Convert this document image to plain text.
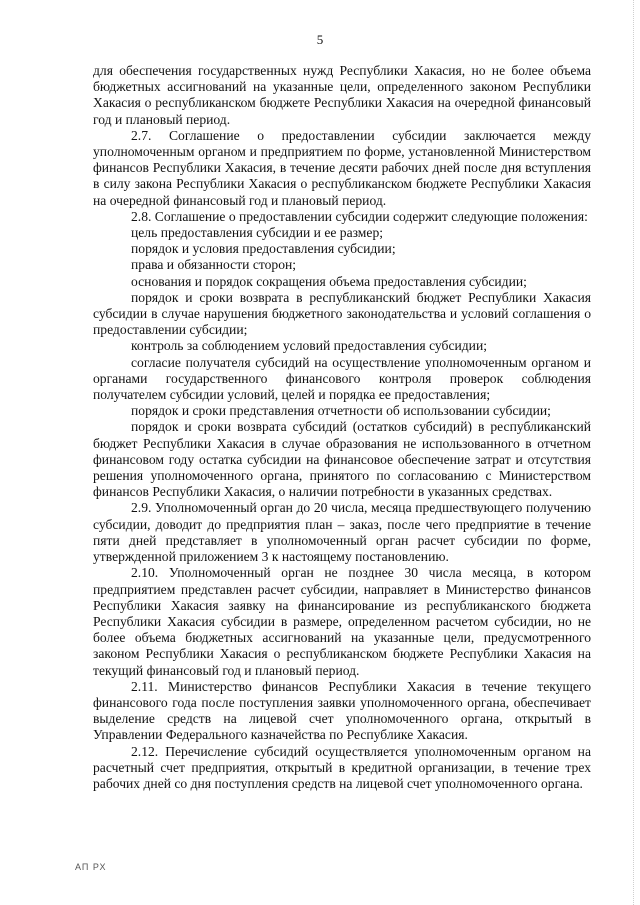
5

для обеспечения государственных нужд Республики Хакасия, но не более объема бюджетных ассигнований на указанные цели, определенного законом Республики Хакасия о республиканском бюджете Республики Хакасия на очередной финансовый год и плановый период.

2.7. Соглашение о предоставлении субсидии заключается между уполномоченным органом и предприятием по форме, установленной Министерством финансов Республики Хакасия, в течение десяти рабочих дней после дня вступления в силу закона Республики Хакасия о республиканском бюджете Республики Хакасия на очередной финансовый год и плановый период.

2.8. Соглашение о предоставлении субсидии содержит следующие положения:

цель предоставления субсидии и ее размер;

порядок и условия предоставления субсидии;

права и обязанности сторон;

основания и порядок сокращения объема предоставления субсидии;

порядок и сроки возврата в республиканский бюджет Республики Хакасия субсидии в случае нарушения бюджетного законодательства и условий соглашения о предоставлении субсидии;

контроль за соблюдением условий предоставления субсидии;

согласие получателя субсидий на осуществление уполномоченным органом и органами государственного финансового контроля проверок соблюдения получателем субсидии условий, целей и порядка ее предоставления;

порядок и сроки представления отчетности об использовании субсидии;

порядок и сроки возврата субсидий (остатков субсидий) в республиканский бюджет Республики Хакасия в случае образования не использованного в отчетном финансовом году остатка субсидии на финансовое обеспечение затрат и отсутствия решения уполномоченного органа, принятого по согласованию с Министерством финансов Республики Хакасия, о наличии потребности в указанных средствах.

2.9. Уполномоченный орган до 20 числа, месяца предшествующего получению субсидии, доводит до предприятия план – заказ, после чего предприятие в течение пяти дней представляет в уполномоченный орган расчет субсидии по форме, утвержденной приложением 3 к настоящему постановлению.

2.10. Уполномоченный орган не позднее 30 числа месяца, в котором предприятием представлен расчет субсидии, направляет в Министерство финансов Республики Хакасия заявку на финансирование из республиканского бюджета Республики Хакасия субсидии в размере, определенном расчетом субсидии, но не более объема бюджетных ассигнований на указанные цели, предусмотренного законом Республики Хакасия о республиканском бюджете Республики Хакасия на текущий финансовый год и плановый период.

2.11. Министерство финансов Республики Хакасия в течение текущего финансового года после поступления заявки уполномоченного органа, обеспечивает выделение средств на лицевой счет уполномоченного органа, открытый в Управлении Федерального казначейства по Республике Хакасия.

2.12. Перечисление субсидий осуществляется уполномоченным органом на расчетный счет предприятия, открытый в кредитной организации, в течение трех рабочих дней со дня поступления средств на лицевой счет уполномоченного органа.

АП РХ
